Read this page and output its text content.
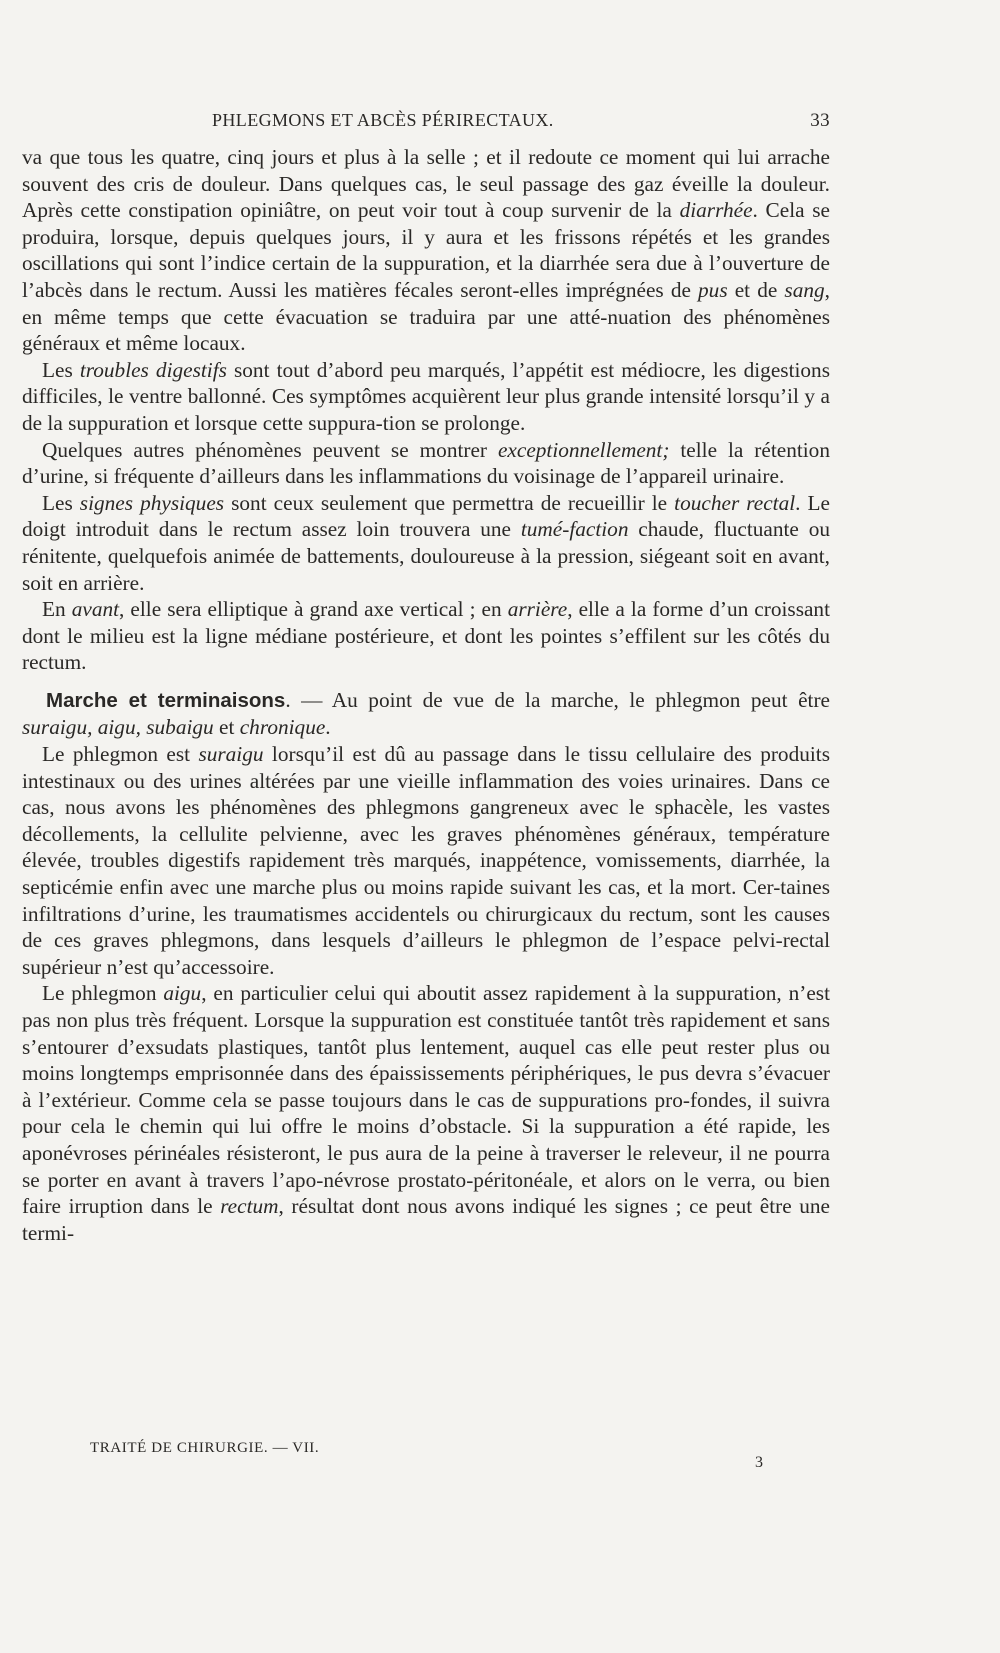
PHLEGMONS ET ABCÈS PÉRIRECTAUX.	33

va que tous les quatre, cinq jours et plus à la selle ; et il redoute ce moment qui lui arrache souvent des cris de douleur. Dans quelques cas, le seul passage des gaz éveille la douleur. Après cette constipation opiniâtre, on peut voir tout à coup survenir de la diarrhée. Cela se produira, lorsque, depuis quelques jours, il y aura et les frissons répétés et les grandes oscillations qui sont l’indice certain de la suppuration, et la diarrhée sera due à l’ouverture de l’abcès dans le rectum. Aussi les matières fécales seront-elles imprégnées de pus et de sang, en même temps que cette évacuation se traduira par une atté-nuation des phénomènes généraux et même locaux.

Les troubles digestifs sont tout d’abord peu marqués, l’appétit est médiocre, les digestions difficiles, le ventre ballonné. Ces symptômes acquièrent leur plus grande intensité lorsqu’il y a de la suppuration et lorsque cette suppura-tion se prolonge.

Quelques autres phénomènes peuvent se montrer exceptionnellement; telle la rétention d’urine, si fréquente d’ailleurs dans les inflammations du voisinage de l’appareil urinaire.

Les signes physiques sont ceux seulement que permettra de recueillir le toucher rectal. Le doigt introduit dans le rectum assez loin trouvera une tumé-faction chaude, fluctuante ou rénitente, quelquefois animée de battements, douloureuse à la pression, siégeant soit en avant, soit en arrière.

En avant, elle sera elliptique à grand axe vertical ; en arrière, elle a la forme d’un croissant dont le milieu est la ligne médiane postérieure, et dont les pointes s’effilent sur les côtés du rectum.

Marche et terminaisons. — Au point de vue de la marche, le phlegmon peut être suraigu, aigu, subaigu et chronique.

Le phlegmon est suraigu lorsqu’il est dû au passage dans le tissu cellulaire des produits intestinaux ou des urines altérées par une vieille inflammation des voies urinaires. Dans ce cas, nous avons les phénomènes des phlegmons gangreneux avec le sphacèle, les vastes décollements, la cellulite pelvienne, avec les graves phénomènes généraux, température élevée, troubles digestifs rapidement très marqués, inappétence, vomissements, diarrhée, la septicémie enfin avec une marche plus ou moins rapide suivant les cas, et la mort. Cer-taines infiltrations d’urine, les traumatismes accidentels ou chirurgicaux du rectum, sont les causes de ces graves phlegmons, dans lesquels d’ailleurs le phlegmon de l’espace pelvi-rectal supérieur n’est qu’accessoire.

Le phlegmon aigu, en particulier celui qui aboutit assez rapidement à la suppuration, n’est pas non plus très fréquent. Lorsque la suppuration est constituée tantôt très rapidement et sans s’entourer d’exsudats plastiques, tantôt plus lentement, auquel cas elle peut rester plus ou moins longtemps emprisonnée dans des épaississements périphériques, le pus devra s’évacuer à l’extérieur. Comme cela se passe toujours dans le cas de suppurations pro-fondes, il suivra pour cela le chemin qui lui offre le moins d’obstacle. Si la suppuration a été rapide, les aponévroses périnéales résisteront, le pus aura de la peine à traverser le releveur, il ne pourra se porter en avant à travers l’apo-névrose prostato-péritonéale, et alors on le verra, ou bien faire irruption dans le rectum, résultat dont nous avons indiqué les signes ; ce peut être une termi-

TRAITÉ DE CHIRURGIE. — VII.
3
